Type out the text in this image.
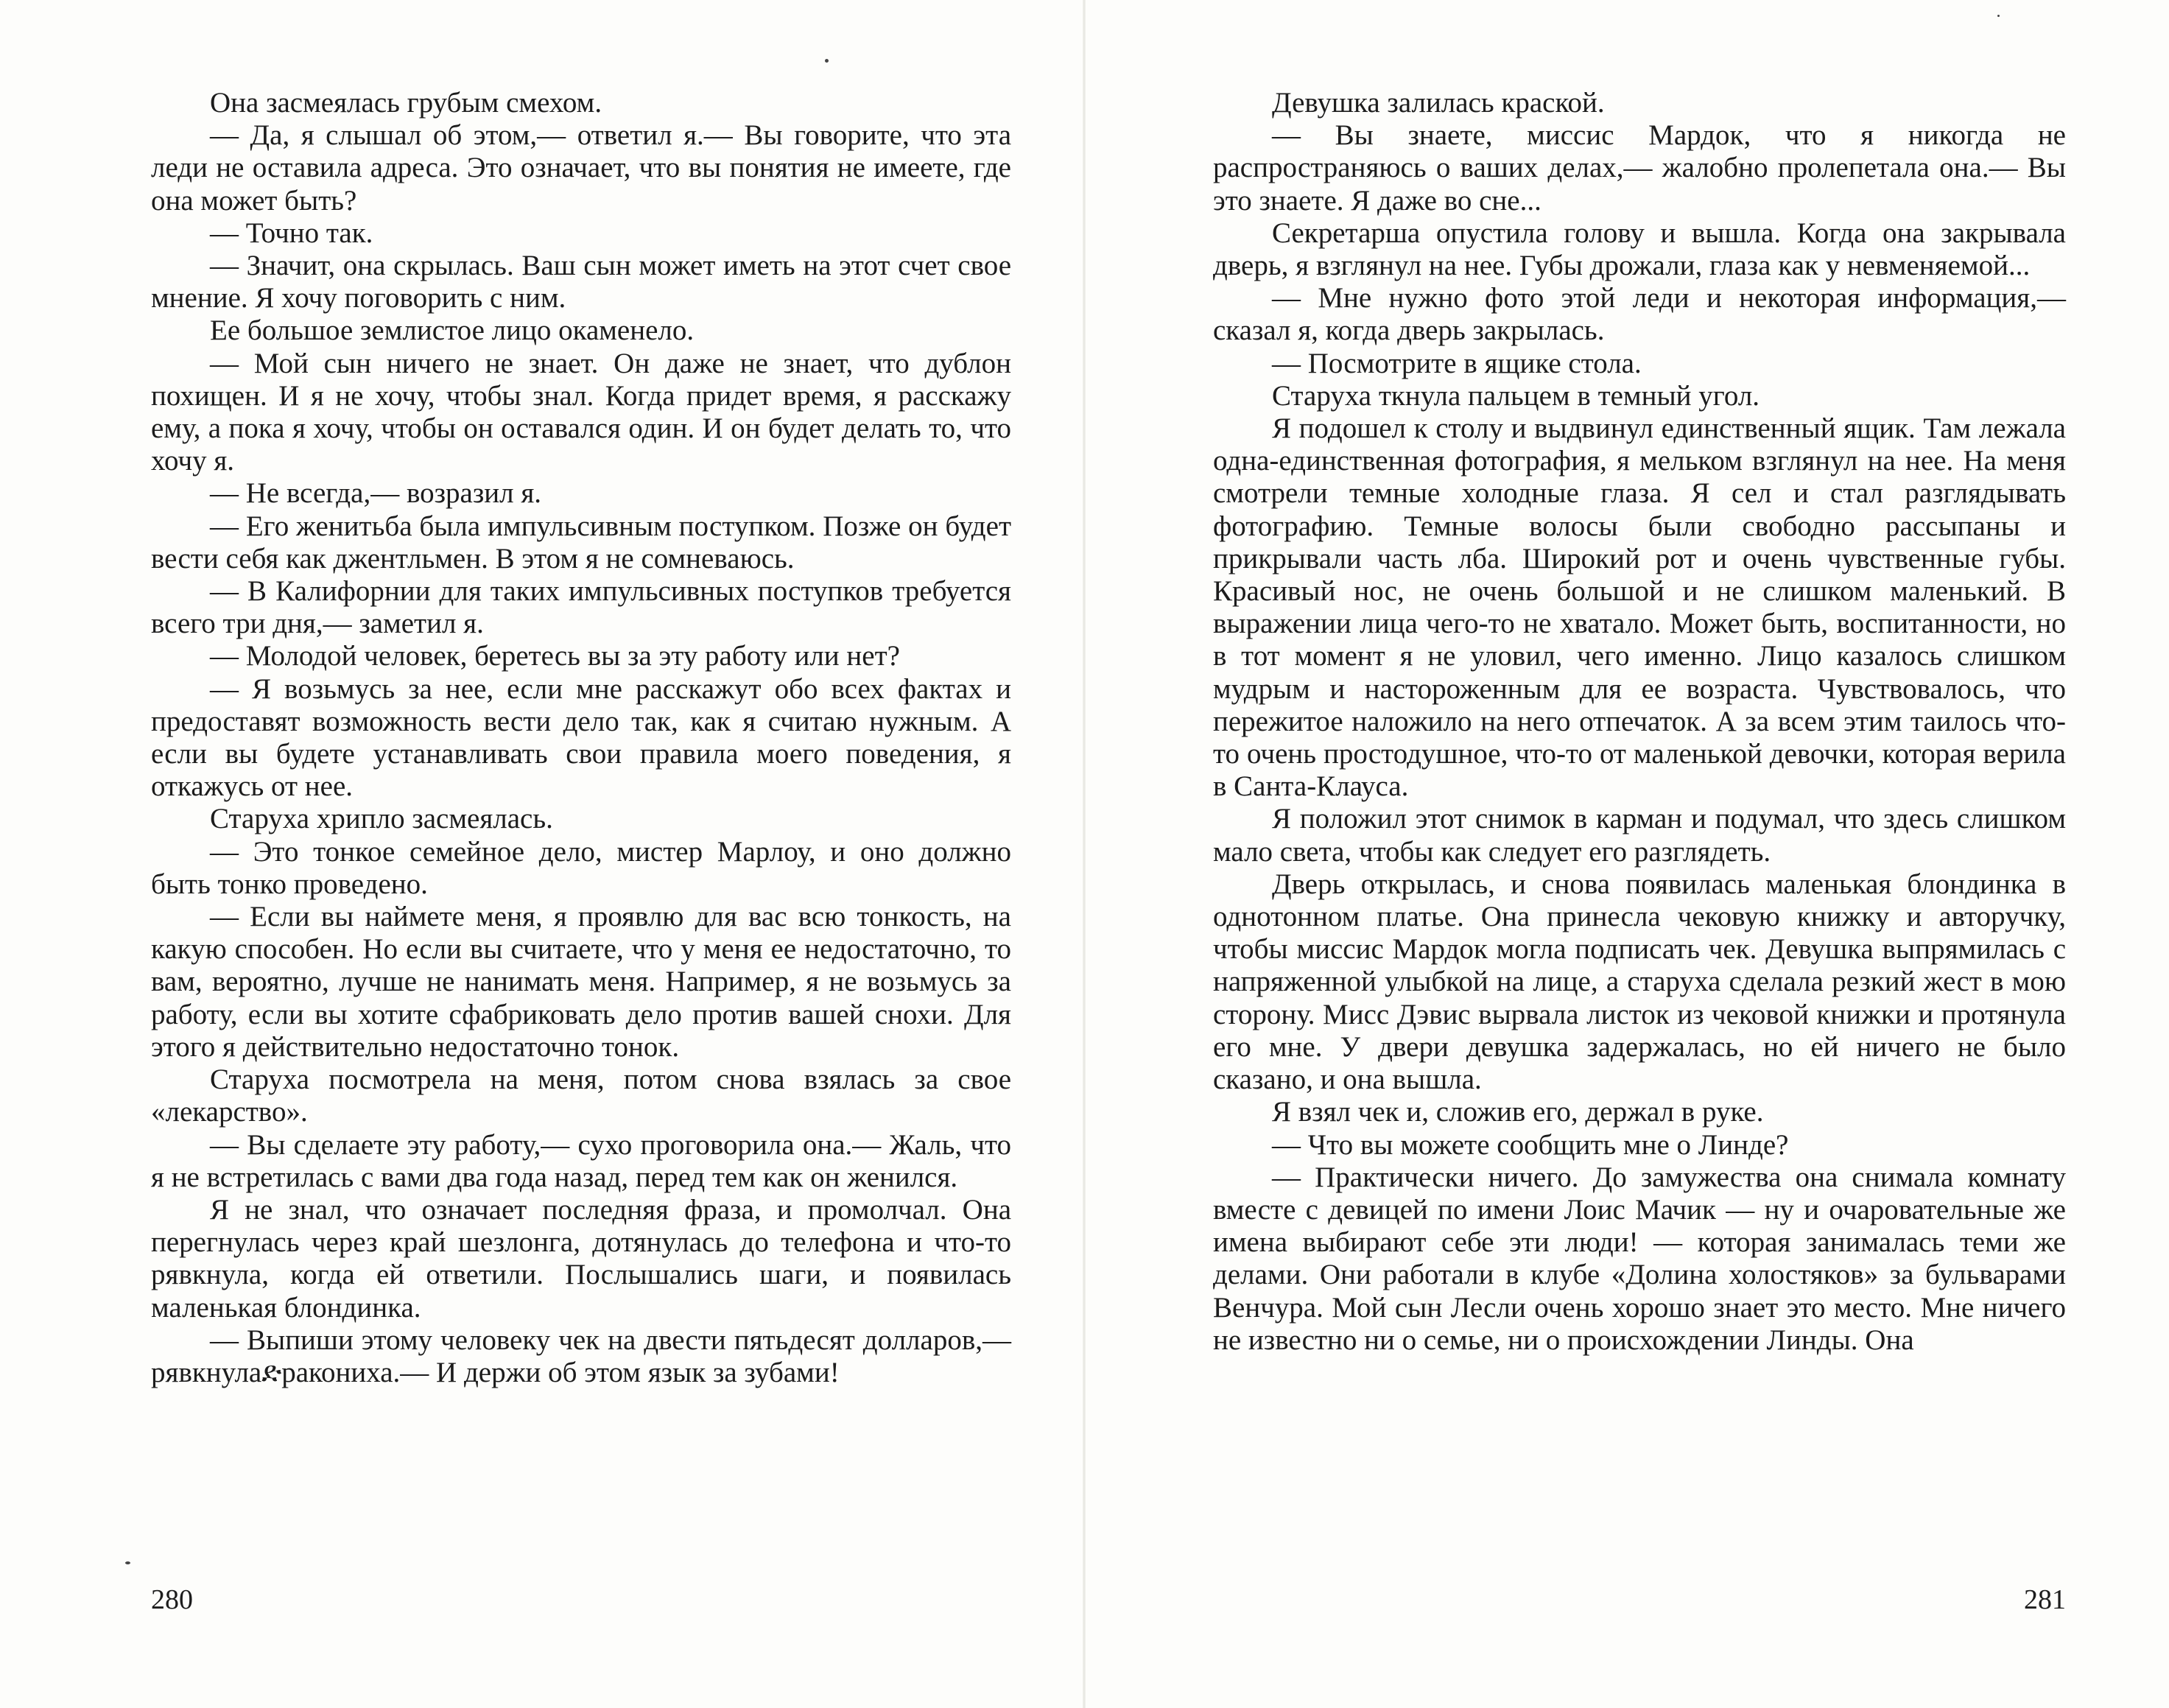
Она засмеялась грубым смехом.

— Да, я слышал об этом,— ответил я.— Вы говорите, что эта леди не оставила адреса. Это означает, что вы понятия не имеете, где она может быть?

— Точно так.

— Значит, она скрылась. Ваш сын может иметь на этот счет свое мнение. Я хочу поговорить с ним.

Ее большое землистое лицо окаменело.

— Мой сын ничего не знает. Он даже не знает, что дублон похищен. И я не хочу, чтобы знал. Когда придет время, я расскажу ему, а пока я хочу, чтобы он оставался один. И он будет делать то, что хочу я.

— Не всегда,— возразил я.

— Его женитьба была импульсивным поступком. Позже он будет вести себя как джентльмен. В этом я не сомневаюсь.

— В Калифорнии для таких импульсивных поступков требуется всего три дня,— заметил я.

— Молодой человек, беретесь вы за эту работу или нет?

— Я возьмусь за нее, если мне расскажут обо всех фактах и предоставят возможность вести дело так, как я считаю нужным. А если вы будете устанавливать свои правила моего поведения, я откажусь от нее.

Старуха хрипло засмеялась.

— Это тонкое семейное дело, мистер Марлоу, и оно должно быть тонко проведено.

— Если вы наймете меня, я проявлю для вас всю тонкость, на какую способен. Но если вы считаете, что у меня ее недостаточно, то вам, вероятно, лучше не нанимать меня. Например, я не возьмусь за работу, если вы хотите сфабриковать дело против вашей снохи. Для этого я действительно недостаточно тонок.

Старуха посмотрела на меня, потом снова взялась за свое «лекарство».

— Вы сделаете эту работу,— сухо проговорила она.— Жаль, что я не встретилась с вами два года назад, перед тем как он женился.

Я не знал, что означает последняя фраза, и промолчал. Она перегнулась через край шезлонга, дотянулась до телефона и что-то рявкнула, когда ей ответили. Послышались шаги, и появилась маленькая блондинка.

— Выпиши этому человеку чек на двести пятьдесят долларов,— рявкнулаድракониха.— И держи об этом язык за зубами!

280

Девушка залилась краской.

— Вы знаете, миссис Мардок, что я никогда не распространяюсь о ваших делах,— жалобно пролепетала она.— Вы это знаете. Я даже во сне...

Секретарша опустила голову и вышла. Когда она закрывала дверь, я взглянул на нее. Губы дрожали, глаза как у невменяемой...

— Мне нужно фото этой леди и некоторая информация,— сказал я, когда дверь закрылась.

— Посмотрите в ящике стола.

Старуха ткнула пальцем в темный угол.

Я подошел к столу и выдвинул единственный ящик. Там лежала одна-единственная фотография, я мельком взглянул на нее. На меня смотрели темные холодные глаза. Я сел и стал разглядывать фотографию. Темные волосы были свободно рассыпаны и прикрывали часть лба. Широкий рот и очень чувственные губы. Красивый нос, не очень большой и не слишком маленький. В выражении лица чего-то не хватало. Может быть, воспитанности, но в тот момент я не уловил, чего именно. Лицо казалось слишком мудрым и настороженным для ее возраста. Чувствовалось, что пережитое наложило на него отпечаток. А за всем этим таилось что-то очень простодушное, что-то от маленькой девочки, которая верила в Санта-Клауса.

Я положил этот снимок в карман и подумал, что здесь слишком мало света, чтобы как следует его разглядеть.

Дверь открылась, и снова появилась маленькая блондинка в однотонном платье. Она принесла чековую книжку и авторучку, чтобы миссис Мардок могла подписать чек. Девушка выпрямилась с напряженной улыбкой на лице, а старуха сделала резкий жест в мою сторону. Мисс Дэвис вырвала листок из чековой книжки и протянула его мне. У двери девушка задержалась, но ей ничего не было сказано, и она вышла.

Я взял чек и, сложив его, держал в руке.

— Что вы можете сообщить мне о Линде?

— Практически ничего. До замужества она снимала комнату вместе с девицей по имени Лоис Мачик — ну и очаровательные же имена выбирают себе эти люди! — которая занималась теми же делами. Они работали в клубе «Долина холостяков» за бульварами Венчура. Мой сын Лесли очень хорошо знает это место. Мне ничего не известно ни о семье, ни о происхождении Линды. Она

281
